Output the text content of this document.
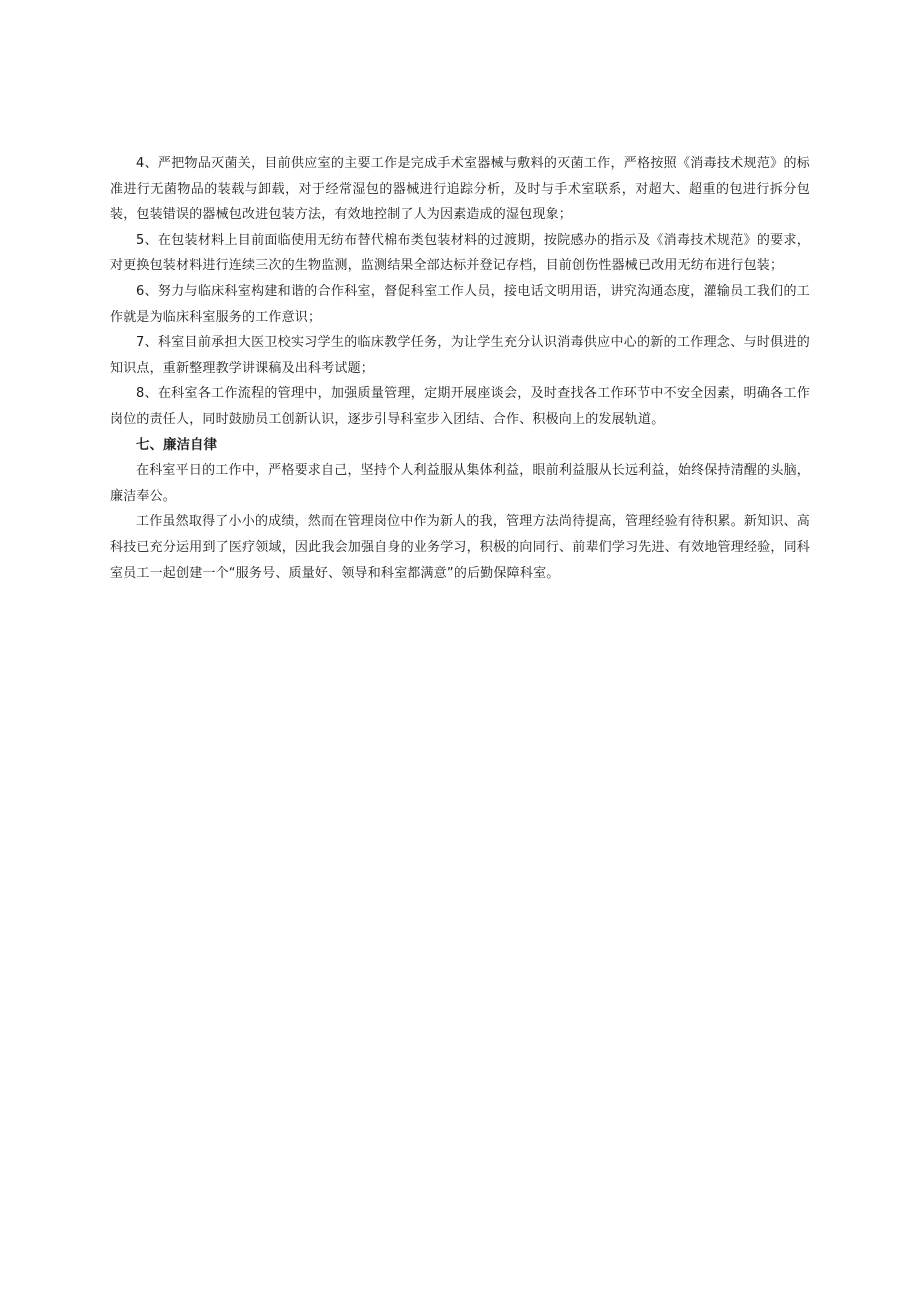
4、严把物品灭菌关，目前供应室的主要工作是完成手术室器械与敷料的灭菌工作，严格按照《消毒技术规范》的标准进行无菌物品的装载与卸载，对于经常湿包的器械进行追踪分析，及时与手术室联系，对超大、超重的包进行拆分包装，包装错误的器械包改进包装方法，有效地控制了人为因素造成的湿包现象；

5、在包装材料上目前面临使用无纺布替代棉布类包装材料的过渡期，按院感办的指示及《消毒技术规范》的要求，对更换包装材料进行连续三次的生物监测，监测结果全部达标并登记存档，目前创伤性器械已改用无纺布进行包装；

6、努力与临床科室构建和谐的合作科室，督促科室工作人员，接电话文明用语，讲究沟通态度，灌输员工我们的工作就是为临床科室服务的工作意识；

7、科室目前承担大医卫校实习学生的临床教学任务，为让学生充分认识消毒供应中心的新的工作理念、与时俱进的知识点，重新整理教学讲课稿及出科考试题；

8、在科室各工作流程的管理中，加强质量管理，定期开展座谈会，及时查找各工作环节中不安全因素，明确各工作岗位的责任人，同时鼓励员工创新认识，逐步引导科室步入团结、合作、积极向上的发展轨道。

七、廉洁自律

在科室平日的工作中，严格要求自己，坚持个人利益服从集体利益，眼前利益服从长远利益，始终保持清醒的头脑，廉洁奉公。

工作虽然取得了小小的成绩，然而在管理岗位中作为新人的我，管理方法尚待提高，管理经验有待积累。新知识、高科技已充分运用到了医疗领域，因此我会加强自身的业务学习，积极的向同行、前辈们学习先进、有效地管理经验，同科室员工一起创建一个“服务号、质量好、领导和科室都满意”的后勤保障科室。
